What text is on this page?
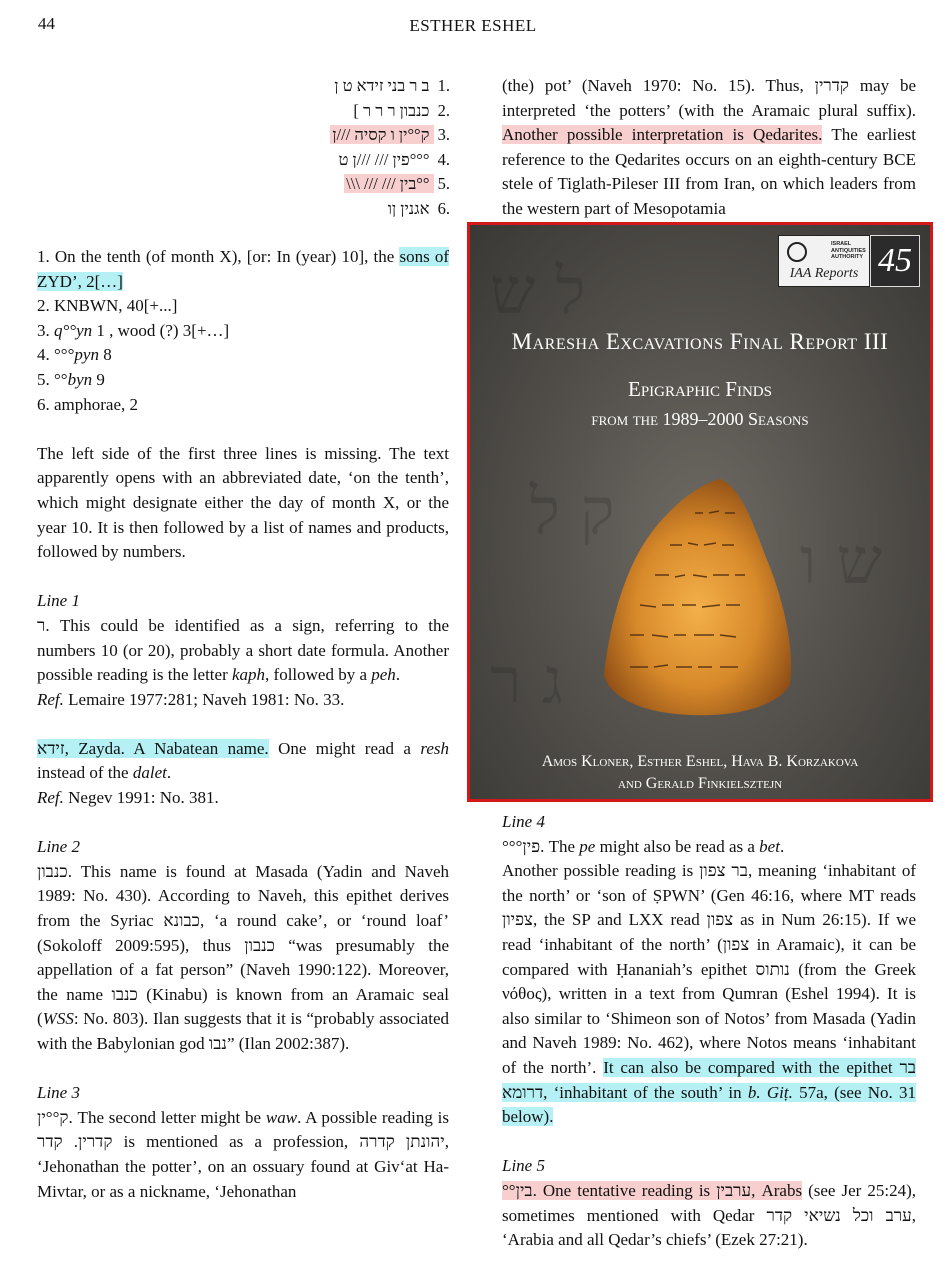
44	ESTHER ESHEL
.1 ב ר בני זידא ט ן
.2 כנבון ר ר ר ]
.3 ק°°ין ו קסיה ///ן
.4 °°°פין /// ///ן ט
.5 °°בין /// /// \\\
.6 אגנין ןו

1. On the tenth (of month X), [or: In (year) 10], the sons of ZYD’, 2[…]

2. KNBWN, 40[+...]

3. q°°yn 1 , wood (?) 3[+…]

4. °°°pyn 8

5. °°byn 9

6. amphorae, 2

The left side of the first three lines is missing. The text apparently opens with an abbreviated date, ‘on the tenth’, which might designate either the day of month X, or the year 10. It is then followed by a list of names and products, followed by numbers.

Line 1

ר. This could be identified as a sign, referring to the numbers 10 (or 20), probably a short date formula. Another possible reading is the letter kaph, followed by a peh.

Ref. Lemaire 1977:281; Naveh 1981: No. 33.

זידא, Zayda. A Nabatean name. One might read a resh instead of the dalet.

Ref. Negev 1991: No. 381.

Line 2

כנבון. This name is found at Masada (Yadin and Naveh 1989: No. 430). According to Naveh, this epithet derives from the Syriac כבונא, ‘a round cake’, or ‘round loaf’ (Sokoloff 2009:595), thus כנבון “was presumably the appellation of a fat person” (Naveh 1990:122). Moreover, the name כנבו (Kinabu) is known from an Aramaic seal (WSS: No. 803). Ilan suggests that it is “probably associated with the Babylonian god נבו” (Ilan 2002:387).

Line 3

ק°°ין. The second letter might be waw. A possible reading is קדרין. קדר is mentioned as a profession, יהונתן קדרה, ‘Jehonathan the potter’, on an ossuary found at Giv‘at Ha-Mivtar, or as a nickname, ‘Jehonathan

(the) pot’ (Naveh 1970: No. 15). Thus, קדרין may be interpreted ‘the potters’ (with the Aramaic plural suffix). Another possible interpretation is Qedarites. The earliest reference to the Qedarites occurs on an eighth-century BCE stele of Tiglath-Pileser III from Iran, on which leaders from the western part of Mesopotamia

ל ש
ק ל
ש ו
ג ר
ISRAEL ANTIQUITIES AUTHORITY
IAA Reports 45
Maresha Excavations Final Report III
Epigraphic Finds
from the 1989–2000 Seasons
Amos Kloner, Esther Eshel, Hava B. Korzakova
and Gerald Finkielsztejn

Line 4

°°°פין. The pe might also be read as a bet.

Another possible reading is בר צפון, meaning ‘inhabitant of the north’ or ‘son of ṢPWN’ (Gen 46:16, where MT reads צפיון, the SP and LXX read צפון as in Num 26:15). If we read ‘inhabitant of the north’ (צפון in Aramaic), it can be compared with Ḥananiah’s epithet נותוס (from the Greek νόθος), written in a text from Qumran (Eshel 1994). It is also similar to ‘Shimeon son of Notos’ from Masada (Yadin and Naveh 1989: No. 462), where Notos means ‘inhabitant of the north’. It can also be compared with the epithet בר דרומא, ‘inhabitant of the south’ in b. Giṭ. 57a, (see No. 31 below).

Line 5

°°בין. One tentative reading is ערבין, Arabs (see Jer 25:24), sometimes mentioned with Qedar ערב וכל נשיאי קדר, ‘Arabia and all Qedar’s chiefs’ (Ezek 27:21).
